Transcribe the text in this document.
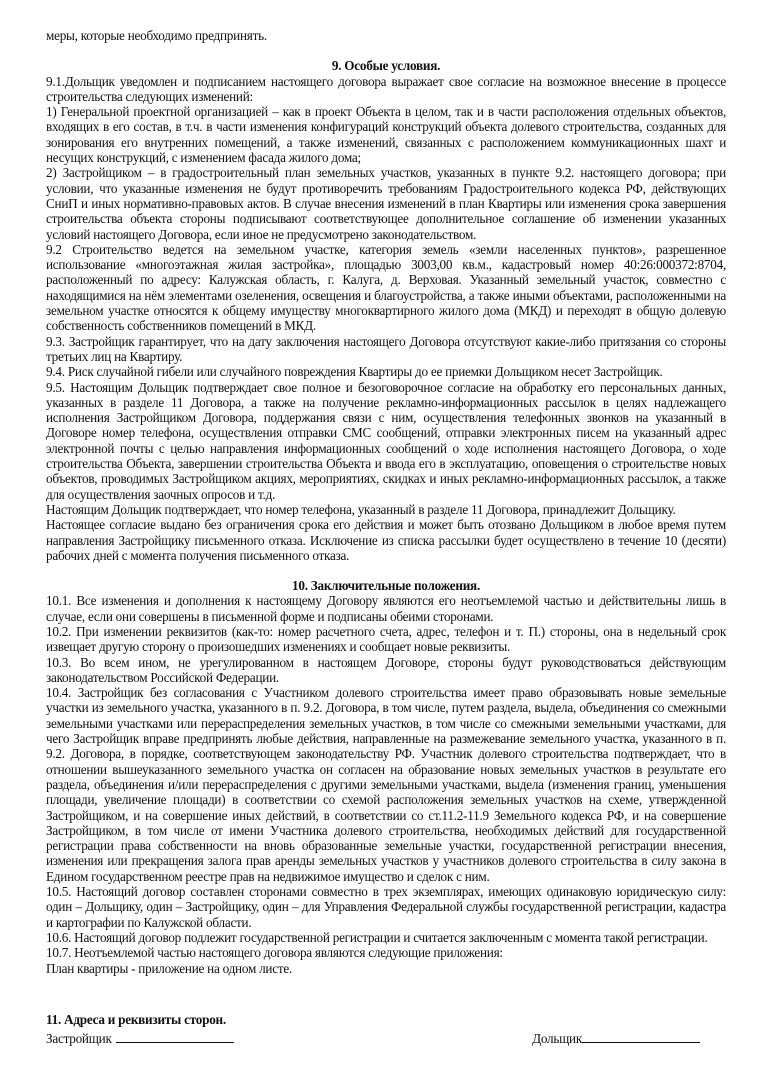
меры, которые необходимо предпринять.

9. Особые условия.

9.1.Дольщик уведомлен и подписанием настоящего договора выражает свое согласие на возможное внесение в процессе строительства следующих изменений:

1) Генеральной проектной организацией – как в проект Объекта в целом, так и в части расположения отдельных объектов, входящих в его состав, в т.ч. в части изменения конфигураций конструкций объекта долевого строительства, созданных для зонирования его внутренних помещений, а также изменений, связанных с расположением коммуникационных шахт и несущих конструкций, с изменением фасада жилого дома;

2) Застройщиком – в градостроительный план земельных участков, указанных в пункте 9.2. настоящего договора; при условии, что указанные изменения не будут противоречить требованиям Градостроительного кодекса РФ, действующих СниП и иных нормативно-правовых актов. В случае внесения изменений в план Квартиры или изменения срока завершения строительства объекта стороны подписывают соответствующее дополнительное соглашение об изменении указанных условий настоящего Договора, если иное не предусмотрено законодательством.

9.2 Строительство ведется на земельном участке, категория земель «земли населенных пунктов», разрешенное использование «многоэтажная жилая застройка», площадью 3003,00 кв.м., кадастровый номер 40:26:000372:8704, расположенный по адресу: Калужская область, г. Калуга, д. Верховая. Указанный земельный участок, совместно с находящимися на нём элементами озеленения, освещения и благоустройства, а также иными объектами, расположенными на земельном участке относятся к общему имуществу многоквартирного жилого дома (МКД) и переходят в общую долевую собственность собственников помещений в МКД.

9.3. Застройщик гарантирует, что на дату заключения настоящего Договора отсутствуют какие-либо притязания со стороны третьих лиц на Квартиру.

9.4. Риск случайной гибели или случайного повреждения Квартиры до ее приемки Дольщиком несет Застройщик.

9.5. Настоящим Дольщик подтверждает свое полное и безоговорочное согласие на обработку его персональных данных, указанных в разделе 11 Договора, а также на получение рекламно-информационных рассылок в целях надлежащего исполнения Застройщиком Договора, поддержания связи с ним, осуществления телефонных звонков на указанный в Договоре номер телефона, осуществления отправки СМС сообщений, отправки электронных писем на указанный адрес электронной почты с целью направления информационных сообщений о ходе исполнения настоящего Договора, о ходе строительства Объекта, завершении строительства Объекта и ввода его в эксплуатацию, оповещения о строительстве новых объектов, проводимых Застройщиком акциях, мероприятиях, скидках и иных рекламно-информационных рассылок, а также для осуществления заочных опросов и т.д.

Настоящим Дольщик подтверждает, что номер телефона, указанный в разделе 11 Договора, принадлежит Дольщику.

Настоящее согласие выдано без ограничения срока его действия и может быть отозвано Дольщиком в любое время путем направления Застройщику письменного отказа. Исключение из списка рассылки будет осуществлено в течение 10 (десяти) рабочих дней с момента получения письменного отказа.

10. Заключительные положения.

10.1. Все изменения и дополнения к настоящему Договору являются его неотъемлемой частью и действительны лишь в случае, если они совершены в письменной форме и подписаны обеими сторонами.

10.2. При изменении реквизитов (как-то: номер расчетного счета, адрес, телефон и т. П.) стороны, она в недельный срок извещает другую сторону о произошедших изменениях и сообщает новые реквизиты.

10.3. Во всем ином, не урегулированном в настоящем Договоре, стороны будут руководствоваться действующим законодательством Российской Федерации.

10.4. Застройщик без согласования с Участником долевого строительства имеет право образовывать новые земельные участки из земельного участка, указанного в п. 9.2. Договора, в том числе, путем раздела, выдела, объединения со смежными земельными участками или перераспределения земельных участков, в том числе со смежными земельными участками, для чего Застройщик вправе предпринять любые действия, направленные на размежевание земельного участка, указанного в п. 9.2. Договора, в порядке, соответствующем законодательству РФ. Участник долевого строительства подтверждает, что в отношении вышеуказанного земельного участка он согласен на образование новых земельных участков в результате его раздела, объединения и/или перераспределения с другими земельными участками, выдела (изменения границ, уменьшения площади, увеличение площади) в соответствии со схемой расположения земельных участков на схеме, утвержденной Застройщиком, и на совершение иных действий, в соответствии со ст.11.2-11.9 Земельного кодекса РФ, и на совершение Застройщиком, в том числе от имени Участника долевого строительства, необходимых действий для государственной регистрации права собственности на вновь образованные земельные участки, государственной регистрации внесения, изменения или прекращения залога прав аренды земельных участков у участников долевого строительства в силу закона в Едином государственном реестре прав на недвижимое имущество и сделок с ним.

10.5. Настоящий договор составлен сторонами совместно в трех экземплярах, имеющих одинаковую юридическую силу: один – Дольщику, один – Застройщику, один – для Управления Федеральной службы государственной регистрации, кадастра и картографии по Калужской области.

10.6. Настоящий договор подлежит государственной регистрации и считается заключенным с момента такой регистрации.

10.7. Неотъемлемой частью настоящего договора являются следующие приложения:

План квартиры - приложение на одном листе.

11. Адреса и реквизиты сторон.
Застройщик	Дольщик
